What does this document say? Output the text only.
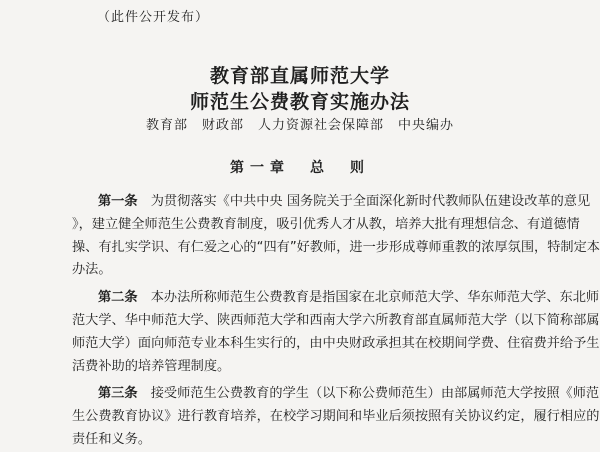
（此件公开发布）
教育部直属师范大学
师范生公费教育实施办法
教育部　财政部　人力资源社会保障部　中央编办
第一章　总　则
第一条　 为贯彻落实《中共中央 国务院关于全面深化新时代教师队伍建设改革的意见
》，建立健全师范生公费教育制度，吸引优秀人才从教，培养大批有理想信念、有道德情
操、有扎实学识、有仁爱之心的“四有”好教师，进一步形成尊师重教的浓厚氛围，特制定本
办法。
第二条　 本办法所称师范生公费教育是指国家在北京师范大学、华东师范大学、东北师
范大学、华中师范大学、陕西师范大学和西南大学六所教育部直属师范大学（以下简称部属
师范大学）面向师范专业本科生实行的，由中央财政承担其在校期间学费、住宿费并给予生
活费补助的培养管理制度。
第三条　 接受师范生公费教育的学生（以下称公费师范生）由部属师范大学按照《师范
生公费教育协议》进行教育培养，在校学习期间和毕业后须按照有关协议约定，履行相应的
责任和义务。
